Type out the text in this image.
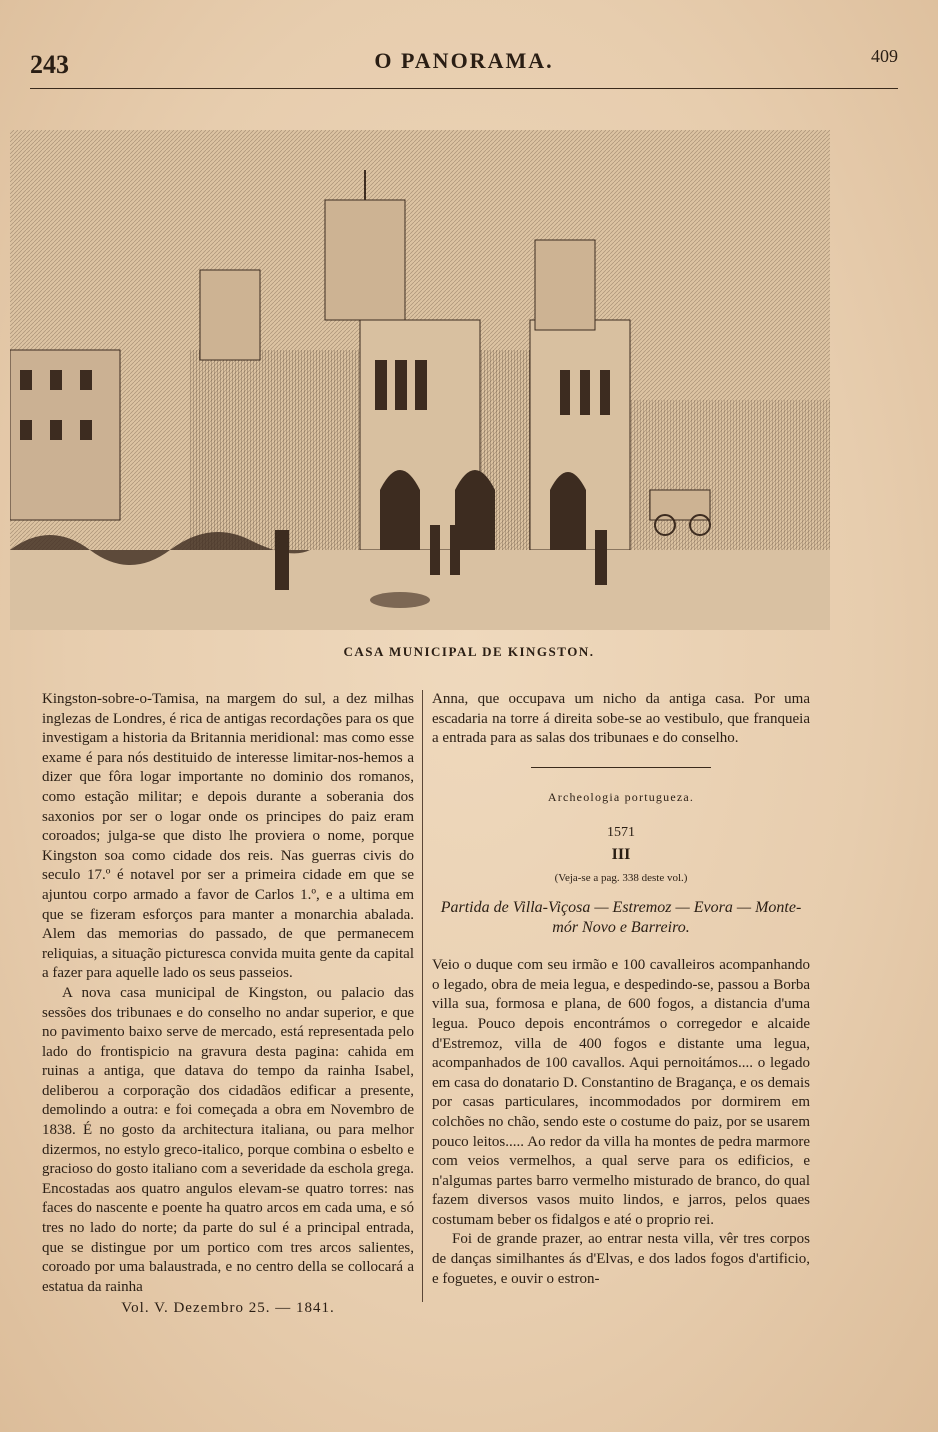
243	O PANORAMA.	409
CASA MUNICIPAL DE KINGSTON.

Kingston-sobre-o-Tamisa, na margem do sul, a dez milhas inglezas de Londres, é rica de antigas recordações para os que investigam a historia da Britannia meridional: mas como esse exame é para nós destituido de interesse limitar-nos-hemos a dizer que fôra logar importante no dominio dos romanos, como estação militar; e depois durante a soberania dos saxonios por ser o logar onde os principes do paiz eram coroados; julga-se que disto lhe proviera o nome, porque Kingston soa como cidade dos reis. Nas guerras civis do seculo 17.º é notavel por ser a primeira cidade em que se ajuntou corpo armado a favor de Carlos 1.º, e a ultima em que se fizeram esforços para manter a monarchia abalada. Alem das memorias do passado, de que permanecem reliquias, a situação picturesca convida muita gente da capital a fazer para aquelle lado os seus passeios.

A nova casa municipal de Kingston, ou palacio das sessões dos tribunaes e do conselho no andar superior, e que no pavimento baixo serve de mercado, está representada pelo lado do frontispicio na gravura desta pagina: cahida em ruinas a antiga, que datava do tempo da rainha Isabel, deliberou a corporação dos cidadãos edificar a presente, demolindo a outra: e foi começada a obra em Novembro de 1838. É no gosto da architectura italiana, ou para melhor dizermos, no estylo greco-italico, porque combina o esbelto e gracioso do gosto italiano com a severidade da eschola grega. Encostadas aos quatro angulos elevam-se quatro torres: nas faces do nascente e poente ha quatro arcos em cada uma, e só tres no lado do norte; da parte do sul é a principal entrada, que se distingue por um portico com tres arcos salientes, coroado por uma balaustrada, e no centro della se collocará a estatua da rainha

Vol. V. Dezembro 25. — 1841.

Anna, que occupava um nicho da antiga casa. Por uma escadaria na torre á direita sobe-se ao vestibulo, que franqueia a entrada para as salas dos tribunaes e do conselho.

Archeologia portugueza.
1571
III
(Veja-se a pag. 338 deste vol.)
Partida de Villa-Viçosa — Estremoz — Evora — Monte-mór Novo e Barreiro.

Veio o duque com seu irmão e 100 cavalleiros acompanhando o legado, obra de meia legua, e despedindo-se, passou a Borba villa sua, formosa e plana, de 600 fogos, a distancia d'uma legua. Pouco depois encontrámos o corregedor e alcaide d'Estremoz, villa de 400 fogos e distante uma legua, acompanhados de 100 cavallos. Aqui pernoitámos.... o legado em casa do donatario D. Constantino de Bragança, e os demais por casas particulares, incommodados por dormirem em colchões no chão, sendo este o costume do paiz, por se usarem pouco leitos..... Ao redor da villa ha montes de pedra marmore com veios vermelhos, a qual serve para os edificios, e n'algumas partes barro vermelho misturado de branco, do qual fazem diversos vasos muito lindos, e jarros, pelos quaes costumam beber os fidalgos e até o proprio rei.

Foi de grande prazer, ao entrar nesta villa, vêr tres corpos de danças similhantes ás d'Elvas, e dos lados fogos d'artificio, e foguetes, e ouvir o estron-
